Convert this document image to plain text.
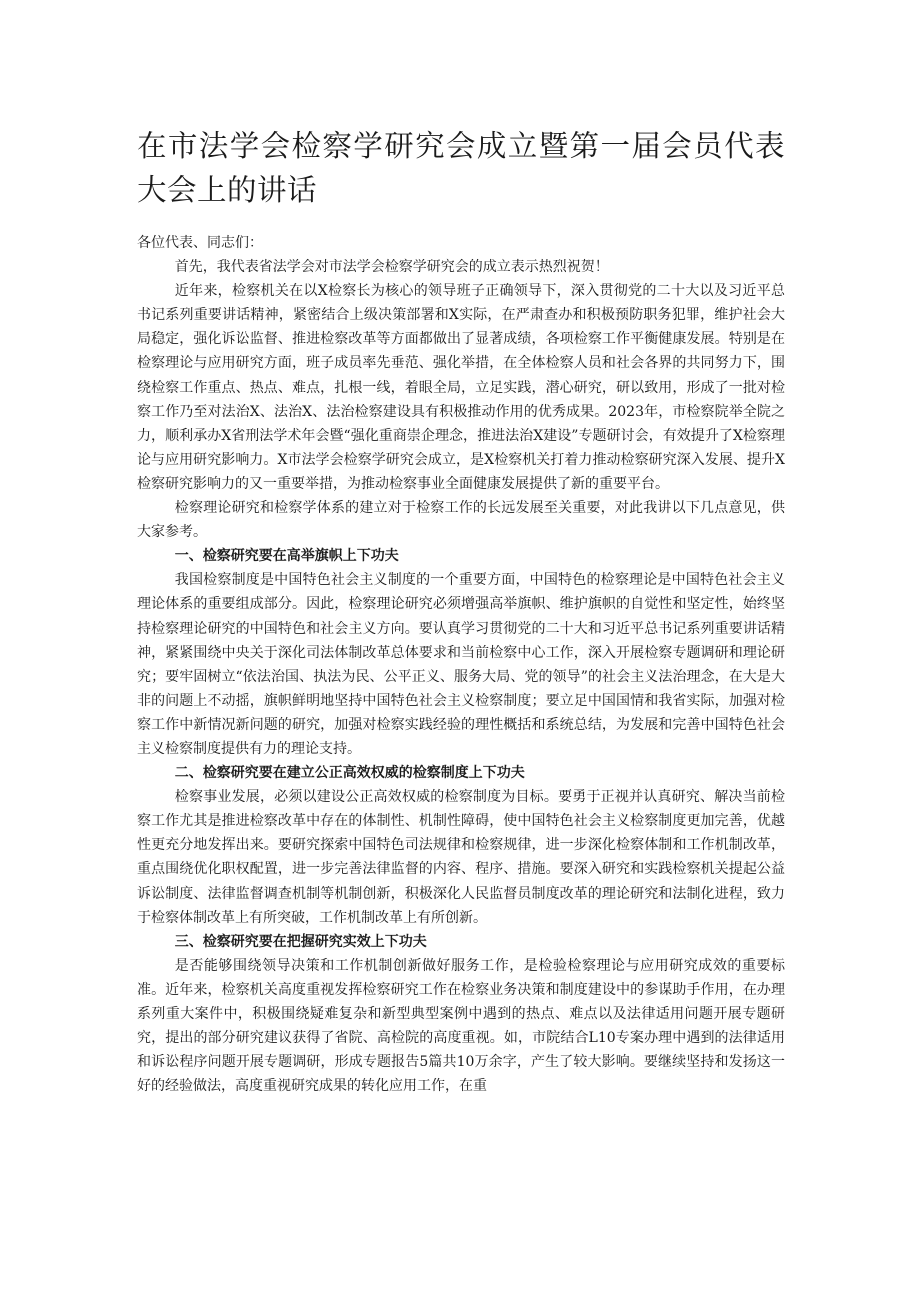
在市法学会检察学研究会成立暨第一届会员代表大会上的讲话

各位代表、同志们：

首先，我代表省法学会对市法学会检察学研究会的成立表示热烈祝贺！

近年来，检察机关在以X检察长为核心的领导班子正确领导下，深入贯彻党的二十大以及习近平总书记系列重要讲话精神，紧密结合上级决策部署和X实际，在严肃查办和积极预防职务犯罪，维护社会大局稳定，强化诉讼监督、推进检察改革等方面都做出了显著成绩，各项检察工作平衡健康发展。特别是在检察理论与应用研究方面，班子成员率先垂范、强化举措，在全体检察人员和社会各界的共同努力下，围绕检察工作重点、热点、难点，扎根一线，着眼全局，立足实践，潜心研究，研以致用，形成了一批对检察工作乃至对法治X、法治X、法治检察建设具有积极推动作用的优秀成果。2023年，市检察院举全院之力，顺利承办X省刑法学术年会暨“强化重商崇企理念，推进法治X建设”专题研讨会，有效提升了X检察理论与应用研究影响力。X市法学会检察学研究会成立，是X检察机关打着力推动检察研究深入发展、提升X检察研究影响力的又一重要举措，为推动检察事业全面健康发展提供了新的重要平台。

检察理论研究和检察学体系的建立对于检察工作的长远发展至关重要，对此我讲以下几点意见，供大家参考。

一、检察研究要在高举旗帜上下功夫

我国检察制度是中国特色社会主义制度的一个重要方面，中国特色的检察理论是中国特色社会主义理论体系的重要组成部分。因此，检察理论研究必须增强高举旗帜、维护旗帜的自觉性和坚定性，始终坚持检察理论研究的中国特色和社会主义方向。要认真学习贯彻党的二十大和习近平总书记系列重要讲话精神，紧紧围绕中央关于深化司法体制改革总体要求和当前检察中心工作，深入开展检察专题调研和理论研究；要牢固树立“依法治国、执法为民、公平正义、服务大局、党的领导”的社会主义法治理念，在大是大非的问题上不动摇，旗帜鲜明地坚持中国特色社会主义检察制度；要立足中国国情和我省实际，加强对检察工作中新情况新问题的研究，加强对检察实践经验的理性概括和系统总结，为发展和完善中国特色社会主义检察制度提供有力的理论支持。

二、检察研究要在建立公正高效权威的检察制度上下功夫

检察事业发展，必须以建设公正高效权威的检察制度为目标。要勇于正视并认真研究、解决当前检察工作尤其是推进检察改革中存在的体制性、机制性障碍，使中国特色社会主义检察制度更加完善，优越性更充分地发挥出来。要研究探索中国特色司法规律和检察规律，进一步深化检察体制和工作机制改革，重点围绕优化职权配置，进一步完善法律监督的内容、程序、措施。要深入研究和实践检察机关提起公益诉讼制度、法律监督调查机制等机制创新，积极深化人民监督员制度改革的理论研究和法制化进程，致力于检察体制改革上有所突破，工作机制改革上有所创新。

三、检察研究要在把握研究实效上下功夫

是否能够围绕领导决策和工作机制创新做好服务工作，是检验检察理论与应用研究成效的重要标准。近年来，检察机关高度重视发挥检察研究工作在检察业务决策和制度建设中的参谋助手作用，在办理系列重大案件中，积极围绕疑难复杂和新型典型案例中遇到的热点、难点以及法律适用问题开展专题研究，提出的部分研究建议获得了省院、高检院的高度重视。如，市院结合L10专案办理中遇到的法律适用和诉讼程序问题开展专题调研，形成专题报告5篇共10万余字，产生了较大影响。要继续坚持和发扬这一好的经验做法，高度重视研究成果的转化应用工作，在重
